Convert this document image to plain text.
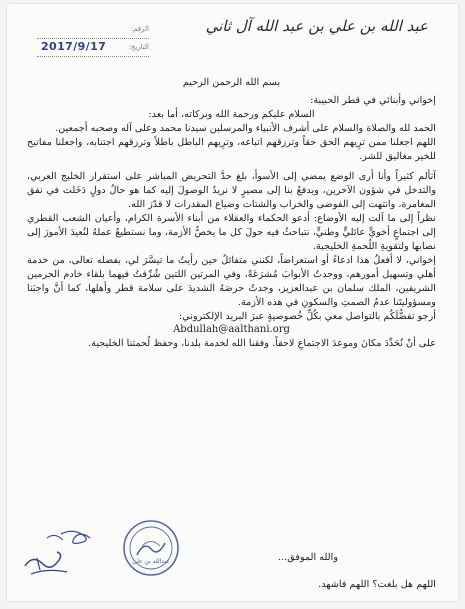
عبد الله بن علي بن عبد الله آل ثاني
الرقم:
التاريخ:
2017/9/17

بسم الله الرحمن الرحيم

إخواني وأبنائي في قطر الحبيبة:

السلام عليكم ورحمة الله وبركاته، أما بعد:

الحمد لله والصلاة والسلام على أشرف الأنبياء والمرسلين سيدنا محمد وعلى آله وصحبه أجمعين.

اللهم اجعلنا ممن ترِيهم الحق حقاً وترزقهم اتباعه، وترِيهم الباطل باطلاً وترزقهم اجتنابه، واجعلنا مفاتيح للخير مغاليق للشر.

آتألم كثيراً وأنا أرى الوضع يمضي إلى الأسوأ، بلغ حدَّ التحريض المباشر على استقرار الخليج العربي، والتدخل في شؤون الآخرين، ويدفعُ بنا إلى مصيرٍ لا نريدُ الوصولَ إليه كما هو حالُ دولٍ دَخَلت في نفق المغامرة، وانتهت إلى الفوضى والخراب والشتات وضياع المقدرات لا قدّرَ الله.

نظراً إلى ما آلت إليه الأوضاع: أدعو الحكماء والعقلاء من أبناء الأسرة الكرام، وأعيان الشعب القطري إلى اجتماعٍ أخويٍّ عائليٍّ وطنيٍّ، نتباحثُ فيه حولَ كل ما يخصُّ الأزمة، وما نستطيعُ عملهُ لنُعيدَ الأمورَ إلى نصابها ولتقويةِ اللُحمةِ الخليجية.

إخواني، لا أفعلُ هذا ادعاءً أو استعراضاً، لكنني متفائلٌ حين رأيتُ ما تيسَّرَ لي، بفضله تعالى، من خدمة أهلي وتسهيل أمورهم، ووجدتُ الأبوابَ مُشرَعَةً، وفي المرتين اللتين شُرِّفتُ فيهما بلقاء خادم الحرمين الشريفين، الملك سلمان بن عبدالعزيز، وجدتُ حرصَهُ الشديدَ على سلامة قطر وأهلها، كما أنَّ واجبَنا ومسؤوليتَنا عدمُ الصمتِ والسكونِ في هذه الأزمة.

أرجو تفضُّلَكُم بالتواصل معي بكُلِّ خُصوصيةٍ عبرَ البريد الإلكتروني:

Abdullah@aalthani.org

على أنْ نُحَدِّدَ مكانَ وموعدَ الاجتماعِ لاحقاً. وفقنا الله لخدمة بلدنا، وحفظ لُحمتنا الخليجية.

والله الموفق...
عبدالله بن علي
اللهم هل بلغت؟ اللهم فاشهد.
